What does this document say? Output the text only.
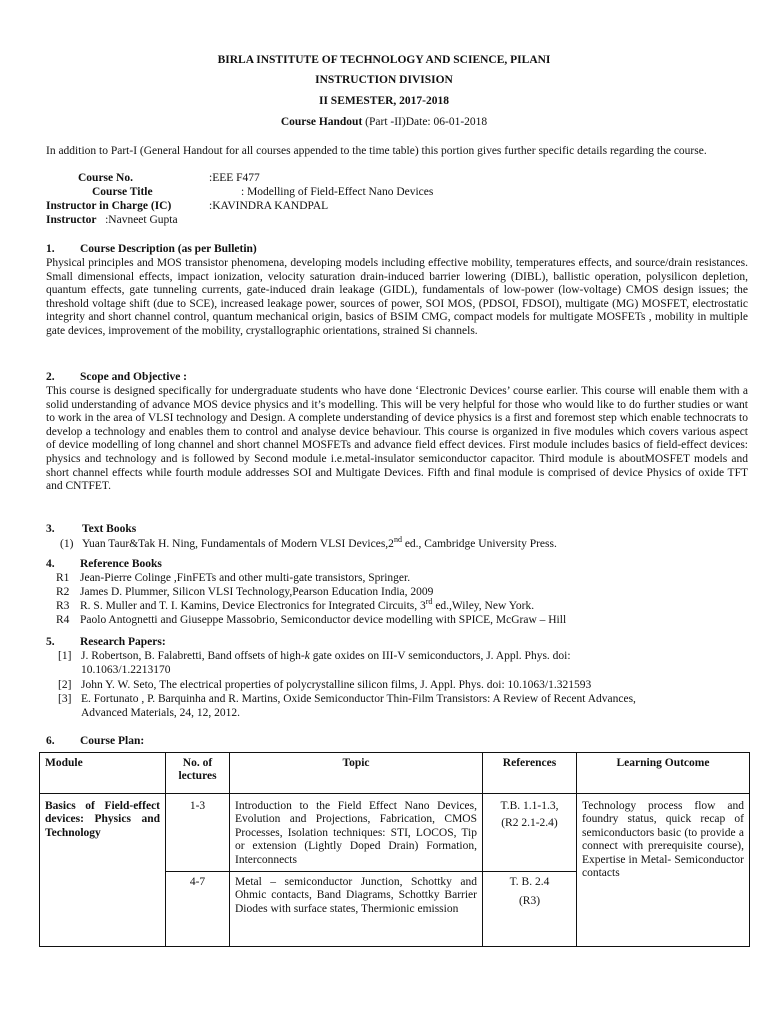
BIRLA INSTITUTE OF TECHNOLOGY AND SCIENCE, PILANI
INSTRUCTION DIVISION
II SEMESTER, 2017-2018
Course Handout (Part -II)Date: 06-01-2018
In addition to Part-I (General Handout for all courses appended to the time table) this portion gives further specific details regarding the course.
Course No.	:EEE F477
Course Title	: Modelling of Field-Effect Nano Devices
Instructor in Charge (IC)	:KAVINDRA KANDPAL
Instructor :Navneet Gupta
1. Course Description (as per Bulletin)
Physical principles and MOS transistor phenomena, developing models including effective mobility, temperatures effects, and source/drain resistances. Small dimensional effects, impact ionization, velocity saturation drain-induced barrier lowering (DIBL), ballistic operation, polysilicon depletion, quantum effects, gate tunneling currents, gate-induced drain leakage (GIDL), fundamentals of low-power (low-voltage) CMOS design issues; the threshold voltage shift (due to SCE), increased leakage power, sources of power, SOI MOS, (PDSOI, FDSOI), multigate (MG) MOSFET, electrostatic integrity and short channel control, quantum mechanical origin, basics of BSIM CMG, compact models for multigate MOSFETs , mobility in multiple gate devices, improvement of the mobility, crystallographic orientations, strained Si channels.
2. Scope and Objective :
This course is designed specifically for undergraduate students who have done ‘Electronic Devices’ course earlier. This course will enable them with a solid understanding of advance MOS device physics and it’s modelling. This will be very helpful for those who would like to do further studies or want to work in the area of VLSI technology and Design. A complete understanding of device physics is a first and foremost step which enable technocrats to develop a technology and enables them to control and analyse device behaviour. This course is organized in five modules which covers various aspect of device modelling of long channel and short channel MOSFETs and advance field effect devices. First module includes basics of field-effect devices: physics and technology and is followed by Second module i.e.metal-insulator semiconductor capacitor. Third module is aboutMOSFET models and short channel effects while fourth module addresses SOI and Multigate Devices. Fifth and final module is comprised of device Physics of oxide TFT and CNTFET.
3. Text Books
(1) Yuan Taur&Tak H. Ning, Fundamentals of Modern VLSI Devices,2nd ed., Cambridge University Press.
4. Reference Books
R1 Jean-Pierre Colinge ,FinFETs and other multi-gate transistors, Springer.
R2 James D. Plummer, Silicon VLSI Technology,Pearson Education India, 2009
R3 R. S. Muller and T. I. Kamins, Device Electronics for Integrated Circuits, 3rd ed.,Wiley, New York.
R4 Paolo Antognetti and Giuseppe Massobrio, Semiconductor device modelling with SPICE, McGraw – Hill
5. Research Papers:
[1] J. Robertson, B. Falabretti, Band offsets of high-k gate oxides on III-V semiconductors, J. Appl. Phys. doi:
10.1063/1.2213170
[2] John Y. W. Seto, The electrical properties of polycrystalline silicon films, J. Appl. Phys. doi: 10.1063/1.321593
[3] E. Fortunato , P. Barquinha and R. Martins, Oxide Semiconductor Thin-Film Transistors: A Review of Recent Advances,
Advanced Materials, 24, 12, 2012.
6. Course Plan:
Module	No. of lectures	Topic	References	Learning Outcome
Basics of Field-effect devices: Physics and Technology	1-3	Introduction to the Field Effect Nano Devices, Evolution and Projections, Fabrication, CMOS Processes, Isolation techniques: STI, LOCOS, Tip or extension (Lightly Doped Drain) Formation, Interconnects	T.B. 1.1-1.3,
(R2 2.1-2.4)	Technology process flow and foundry status, quick recap of semiconductors basic (to provide a connect with prerequisite course), Expertise in Metal- Semiconductor contacts
	4-7	Metal – semiconductor Junction, Schottky and Ohmic contacts, Band Diagrams, Schottky Barrier Diodes with surface states, Thermionic emission	T. B. 2.4
(R3)	
